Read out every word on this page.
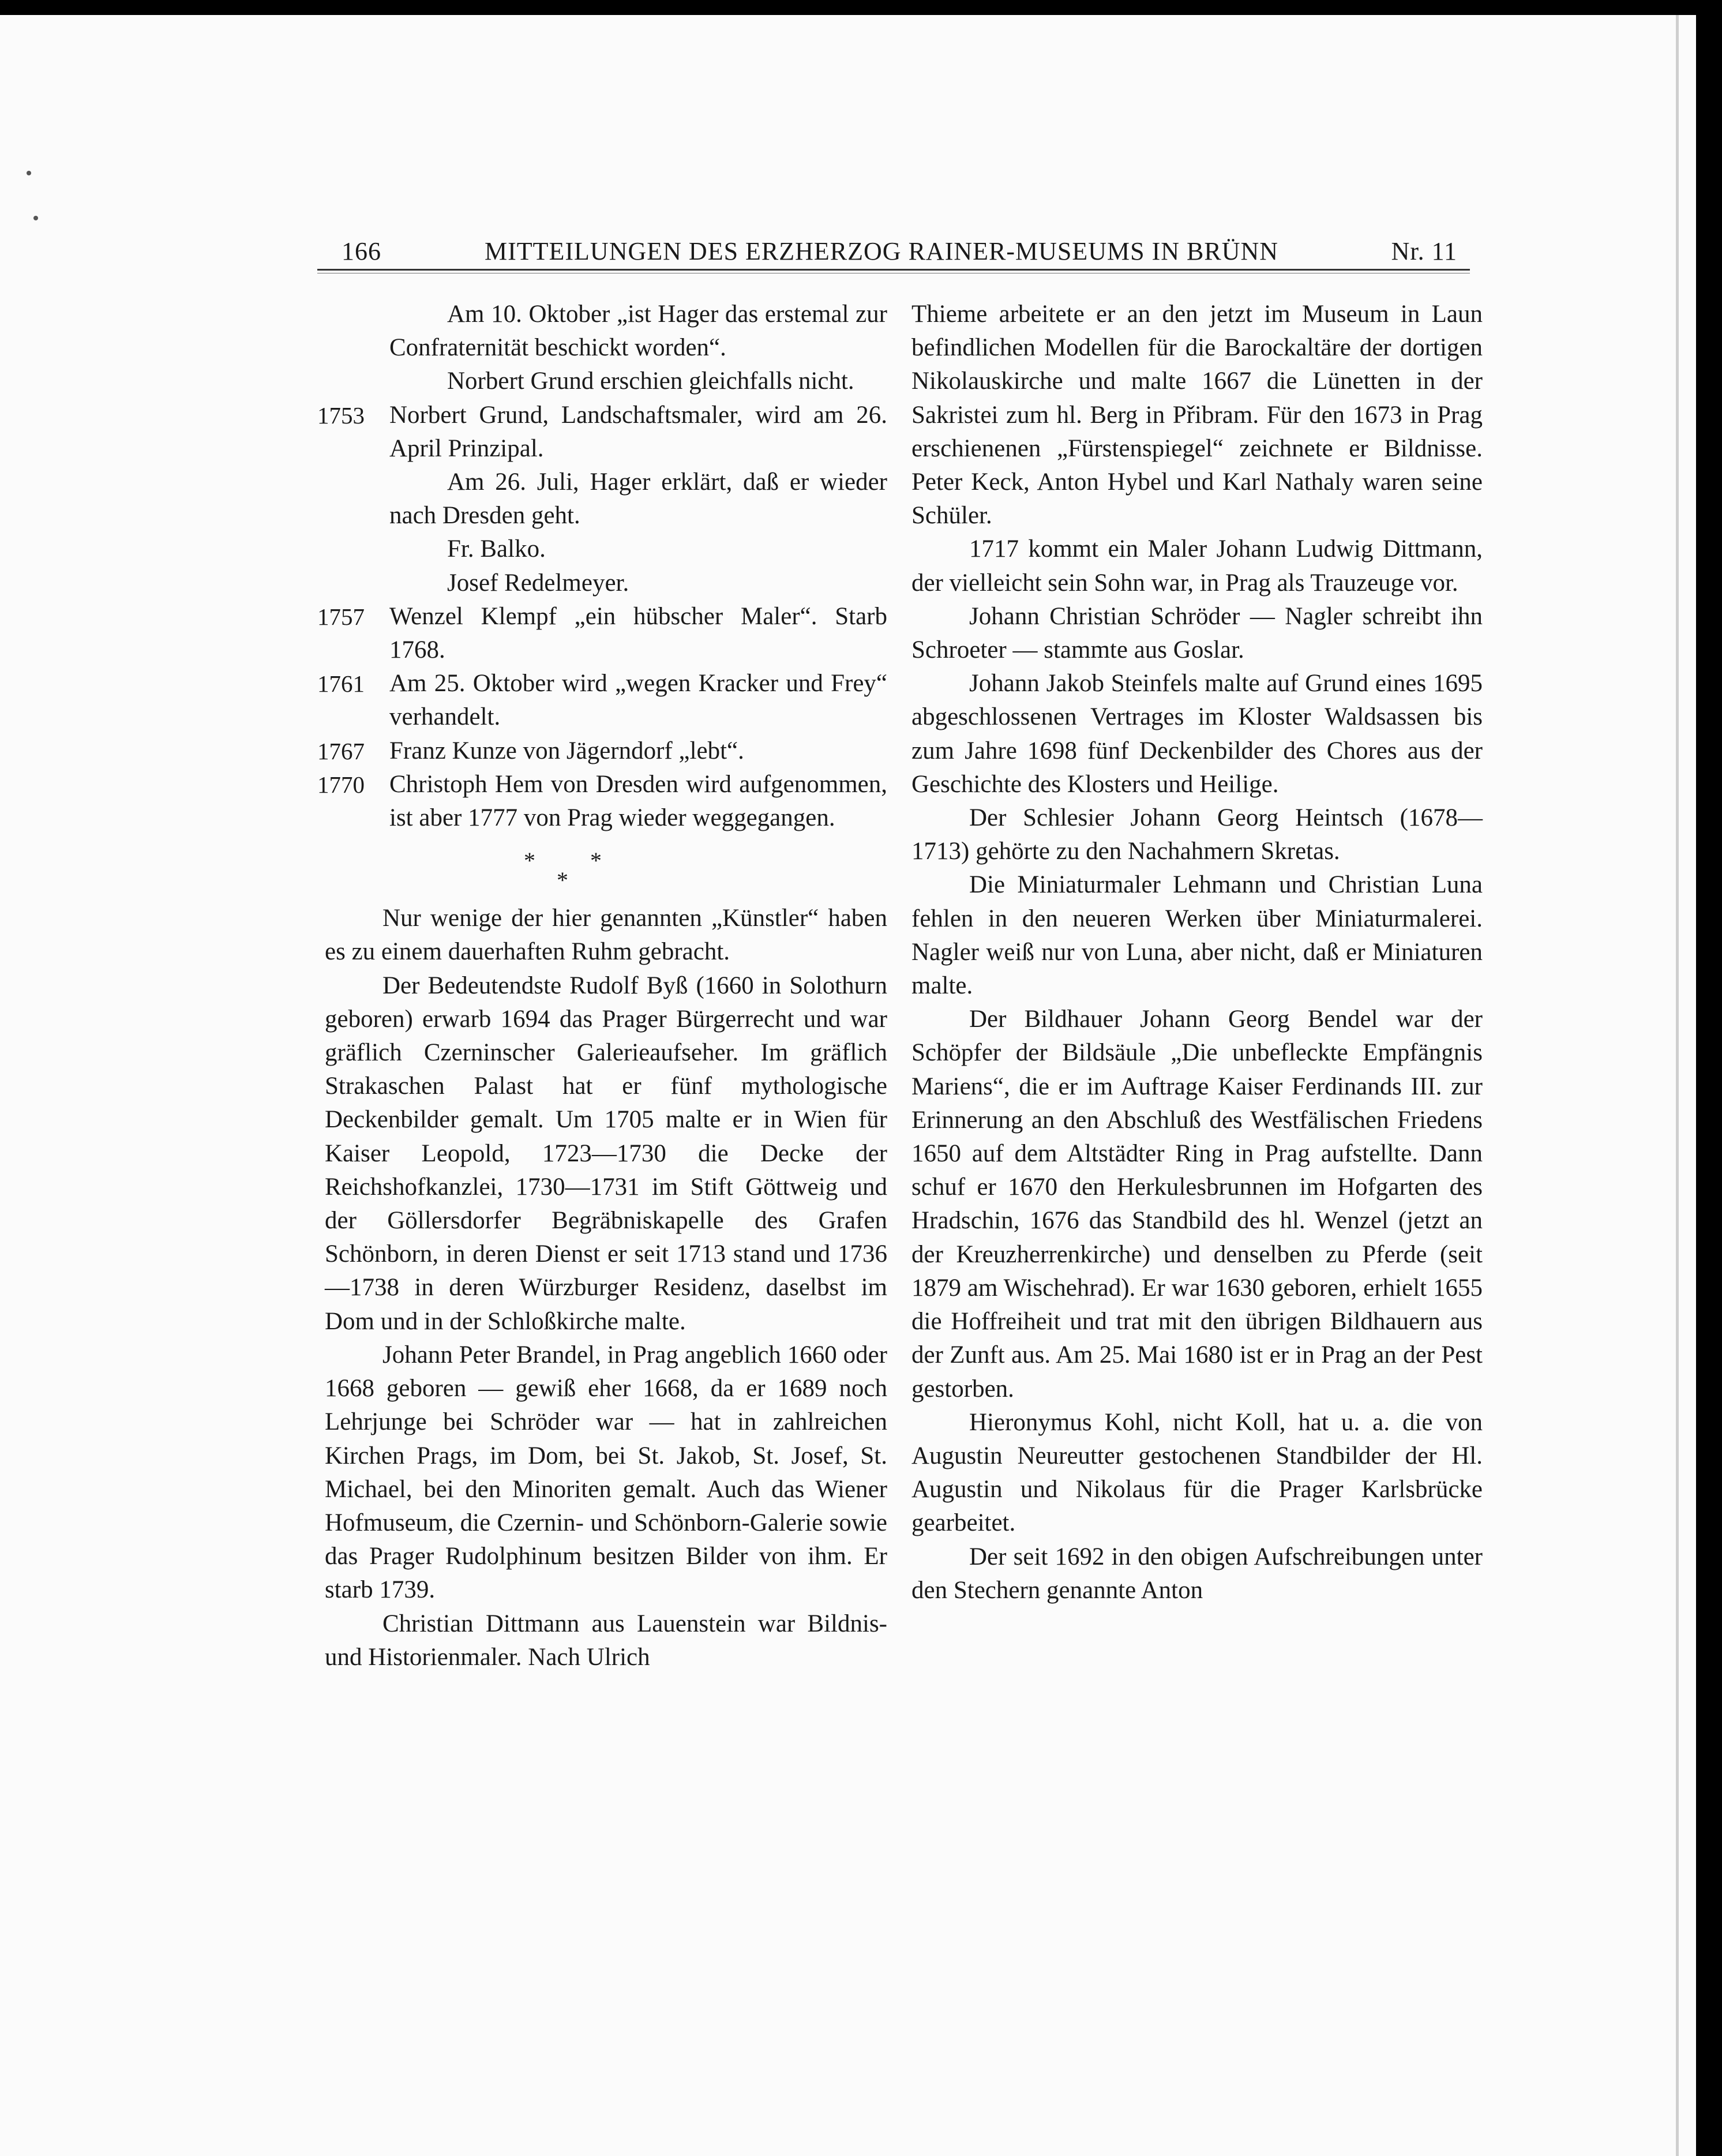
166	MITTEILUNGEN DES ERZHERZOG RAINER-MUSEUMS IN BRÜNN	Nr. 11

Am 10. Oktober „ist Hager das erstemal zur Confraternität beschickt worden“.

Norbert Grund erschien gleichfalls nicht.

1753	Norbert Grund, Landschaftsmaler, wird am 26. April Prinzipal.

Am 26. Juli, Hager erklärt, daß er wieder nach Dresden geht.

Fr. Balko.

Josef Redelmeyer.

1757	Wenzel Klempf „ein hübscher Maler“. Starb 1768.

1761	Am 25. Oktober wird „wegen Kracker und Frey“ verhandelt.

1767	Franz Kunze von Jägerndorf „lebt“.

1770	Christoph Hem von Dresden wird aufgenommen, ist aber 1777 von Prag wieder weggegangen.

*
*
*

Nur wenige der hier genannten „Künstler“ haben es zu einem dauerhaften Ruhm gebracht.

Der Bedeutendste Rudolf Byß (1660 in Solothurn geboren) erwarb 1694 das Prager Bürgerrecht und war gräflich Czerninscher Galerieaufseher. Im gräflich Strakaschen Palast hat er fünf mythologische Deckenbilder gemalt. Um 1705 malte er in Wien für Kaiser Leopold, 1723—1730 die Decke der Reichshofkanzlei, 1730—1731 im Stift Göttweig und der Göllersdorfer Begräbniskapelle des Grafen Schönborn, in deren Dienst er seit 1713 stand und 1736—1738 in deren Würzburger Residenz, daselbst im Dom und in der Schloßkirche malte.

Johann Peter Brandel, in Prag angeblich 1660 oder 1668 geboren — gewiß eher 1668, da er 1689 noch Lehrjunge bei Schröder war — hat in zahlreichen Kirchen Prags, im Dom, bei St. Jakob, St. Josef, St. Michael, bei den Minoriten gemalt. Auch das Wiener Hofmuseum, die Czernin- und Schönborn-Galerie sowie das Prager Rudolphinum besitzen Bilder von ihm. Er starb 1739.

Christian Dittmann aus Lauenstein war Bildnis- und Historienmaler. Nach Ulrich

Thieme arbeitete er an den jetzt im Museum in Laun befindlichen Modellen für die Barockaltäre der dortigen Nikolauskirche und malte 1667 die Lünetten in der Sakristei zum hl. Berg in Přibram. Für den 1673 in Prag erschienenen „Fürstenspiegel“ zeichnete er Bildnisse. Peter Keck, Anton Hybel und Karl Nathaly waren seine Schüler.

1717 kommt ein Maler Johann Ludwig Dittmann, der vielleicht sein Sohn war, in Prag als Trauzeuge vor.

Johann Christian Schröder — Nagler schreibt ihn Schroeter — stammte aus Goslar.

Johann Jakob Steinfels malte auf Grund eines 1695 abgeschlossenen Vertrages im Kloster Waldsassen bis zum Jahre 1698 fünf Deckenbilder des Chores aus der Geschichte des Klosters und Heilige.

Der Schlesier Johann Georg Heintsch (1678—1713) gehörte zu den Nachahmern Skretas.

Die Miniaturmaler Lehmann und Christian Luna fehlen in den neueren Werken über Miniaturmalerei. Nagler weiß nur von Luna, aber nicht, daß er Miniaturen malte.

Der Bildhauer Johann Georg Bendel war der Schöpfer der Bildsäule „Die unbefleckte Empfängnis Mariens“, die er im Auftrage Kaiser Ferdinands III. zur Erinnerung an den Abschluß des Westfälischen Friedens 1650 auf dem Altstädter Ring in Prag aufstellte. Dann schuf er 1670 den Herkulesbrunnen im Hofgarten des Hradschin, 1676 das Standbild des hl. Wenzel (jetzt an der Kreuzherrenkirche) und denselben zu Pferde (seit 1879 am Wischehrad). Er war 1630 geboren, erhielt 1655 die Hoffreiheit und trat mit den übrigen Bildhauern aus der Zunft aus. Am 25. Mai 1680 ist er in Prag an der Pest gestorben.

Hieronymus Kohl, nicht Koll, hat u. a. die von Augustin Neureutter gestochenen Standbilder der Hl. Augustin und Nikolaus für die Prager Karlsbrücke gearbeitet.

Der seit 1692 in den obigen Aufschreibungen unter den Stechern genannte Anton
